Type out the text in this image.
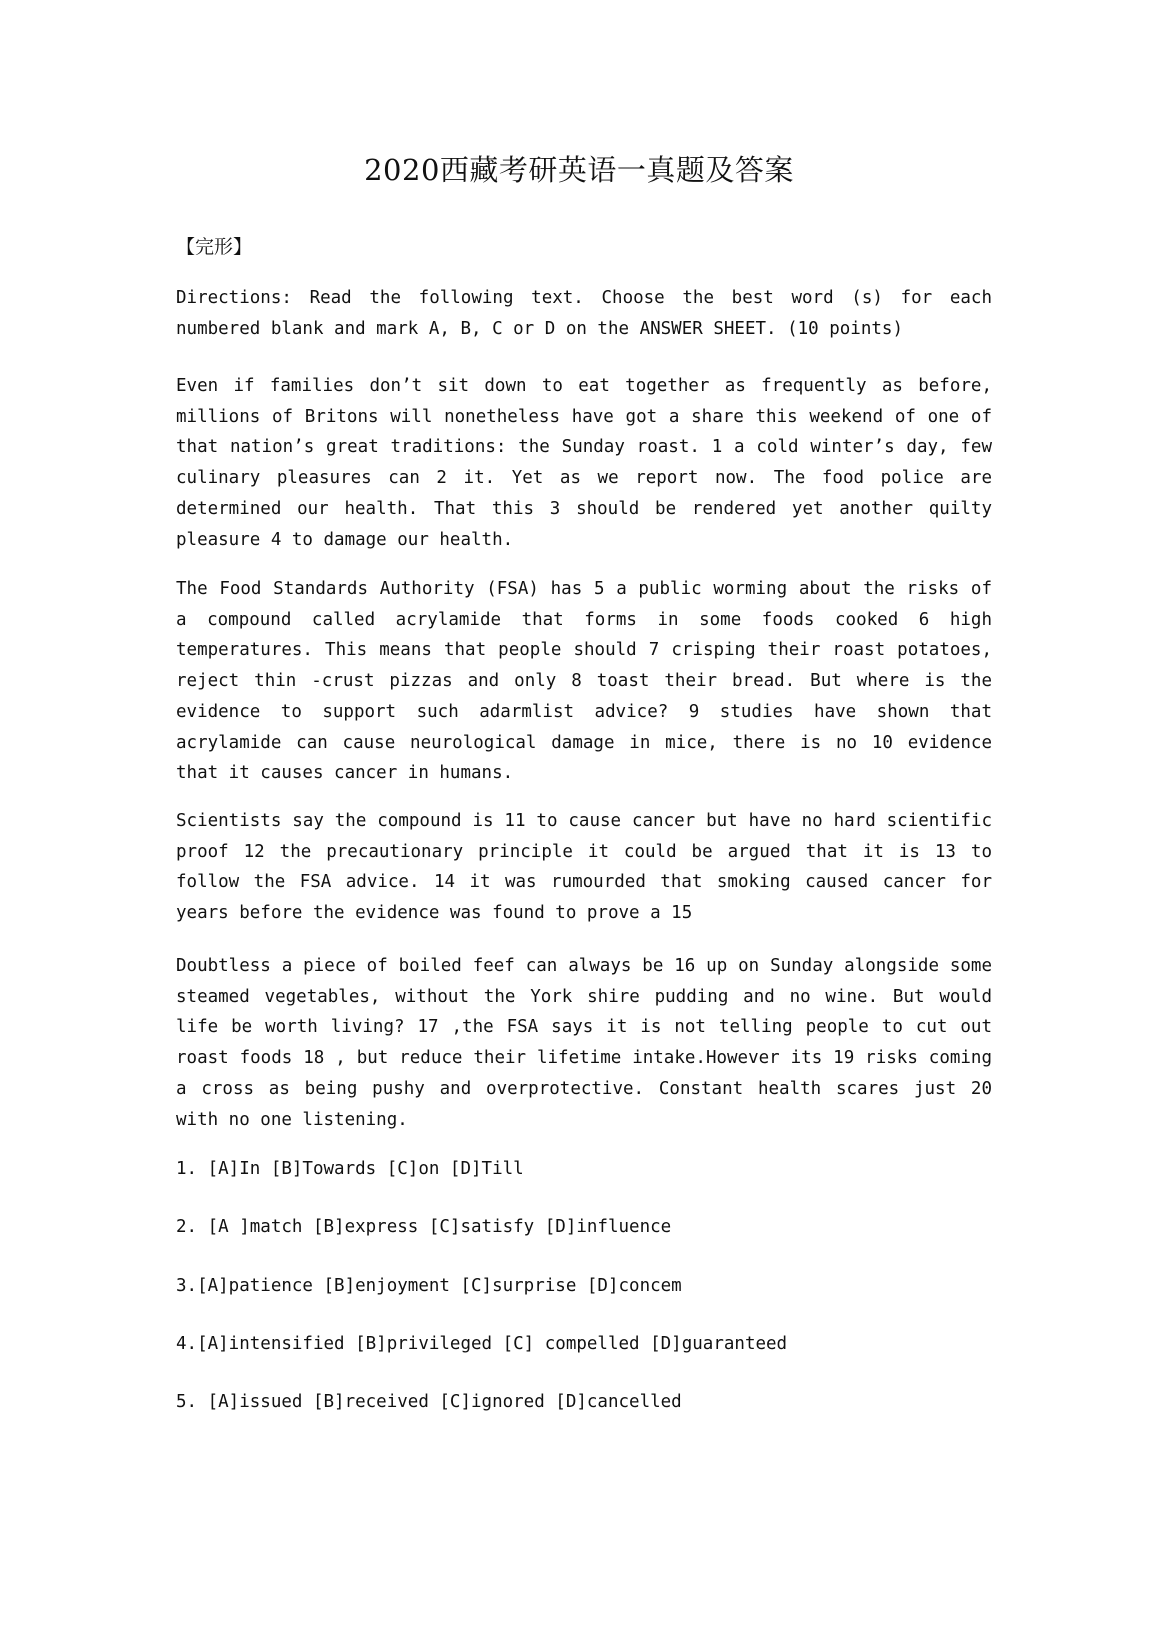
2020西藏考研英语一真题及答案
【完形】
Directions: Read the following text. Choose the best word (s) for each numbered blank and mark A, B, C or D on the ANSWER SHEET. (10 points)
Even if families don’t sit down to eat together as frequently as before, millions of Britons will nonetheless have got a share this weekend of one of that nation’s great traditions: the Sunday roast. 1 a cold winter’s day, few culinary pleasures can 2 it. Yet as we report now. The food police are determined our health. That this 3 should be rendered yet another quilty pleasure 4 to damage our health.
The Food Standards Authority (FSA) has 5 a public worming about the risks of a compound called acrylamide that forms in some foods cooked 6 high temperatures. This means that people should 7 crisping their roast potatoes, reject thin -crust pizzas and only 8 toast their bread. But where is the evidence to support such adarmlist advice? 9 studies have shown that acrylamide can cause neurological damage in mice, there is no 10 evidence that it causes cancer in humans.
Scientists say the compound is 11 to cause cancer but have no hard scientific proof 12 the precautionary principle it could be argued that it is 13 to follow the FSA advice. 14 it was rumourded that smoking caused cancer for years before the evidence was found to prove a 15
Doubtless a piece of boiled feef can always be 16 up on Sunday alongside some steamed vegetables, without the York shire pudding and no wine. But would life be worth living? 17 ,the FSA says it is not telling people to cut out roast foods 18 , but reduce their lifetime intake.However its 19 risks coming a cross as being pushy and overprotective. Constant health scares just 20 with no one listening.
1. [A]In [B]Towards [C]on [D]Till
2. [A ]match [B]express [C]satisfy [D]influence
3.[A]patience [B]enjoyment [C]surprise [D]concem
4.[A]intensified [B]privileged [C] compelled [D]guaranteed
5. [A]issued [B]received [C]ignored [D]cancelled
